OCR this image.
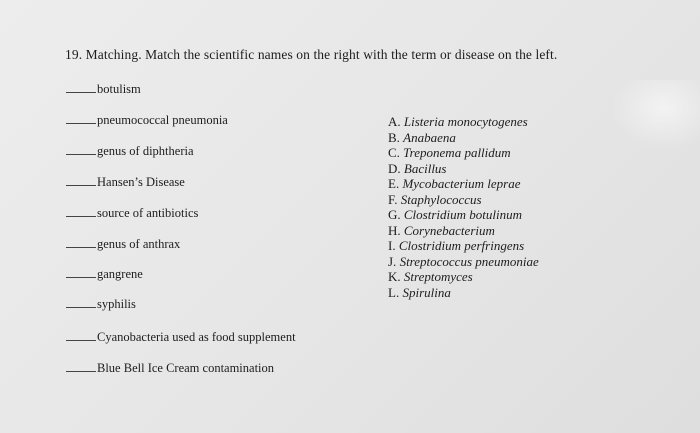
19. Matching. Match the scientific names on the right with the term or disease on the left.
botulism
pneumococcal pneumonia
genus of diphtheria
Hansen’s Disease
source of antibiotics
genus of anthrax
gangrene
syphilis
Cyanobacteria used as food supplement
Blue Bell Ice Cream contamination
A. Listeria monocytogenes
B. Anabaena
C. Treponema pallidum
D. Bacillus
E. Mycobacterium leprae
F. Staphylococcus
G. Clostridium botulinum
H. Corynebacterium
I. Clostridium perfringens
J. Streptococcus pneumoniae
K. Streptomyces
L. Spirulina
